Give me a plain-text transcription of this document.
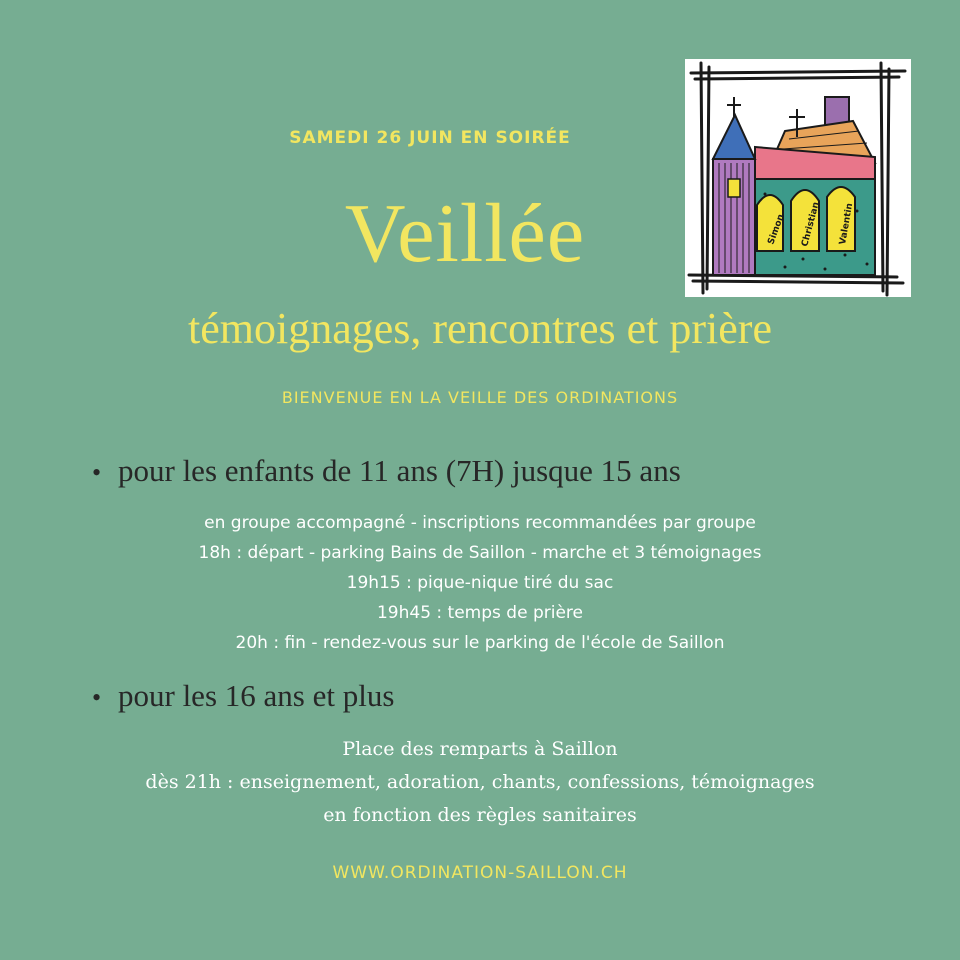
SAMEDI 26 JUIN EN SOIRÉE
Veillée
témoignages, rencontres et prière
BIENVENUE EN LA VEILLE DES ORDINATIONS
• pour les enfants de 11 ans (7H) jusque 15 ans
en groupe accompagné - inscriptions recommandées par groupe
18h : départ - parking Bains de Saillon - marche et 3 témoignages
19h15 : pique-nique tiré du sac
19h45 : temps de prière
20h : fin - rendez-vous sur le parking de l'école de Saillon
• pour les 16 ans et plus
Place des remparts à Saillon
dès 21h : enseignement, adoration, chants, confessions, témoignages
en fonction des règles sanitaires
WWW.ORDINATION-SAILLON.CH
Simon Christian Valentin
